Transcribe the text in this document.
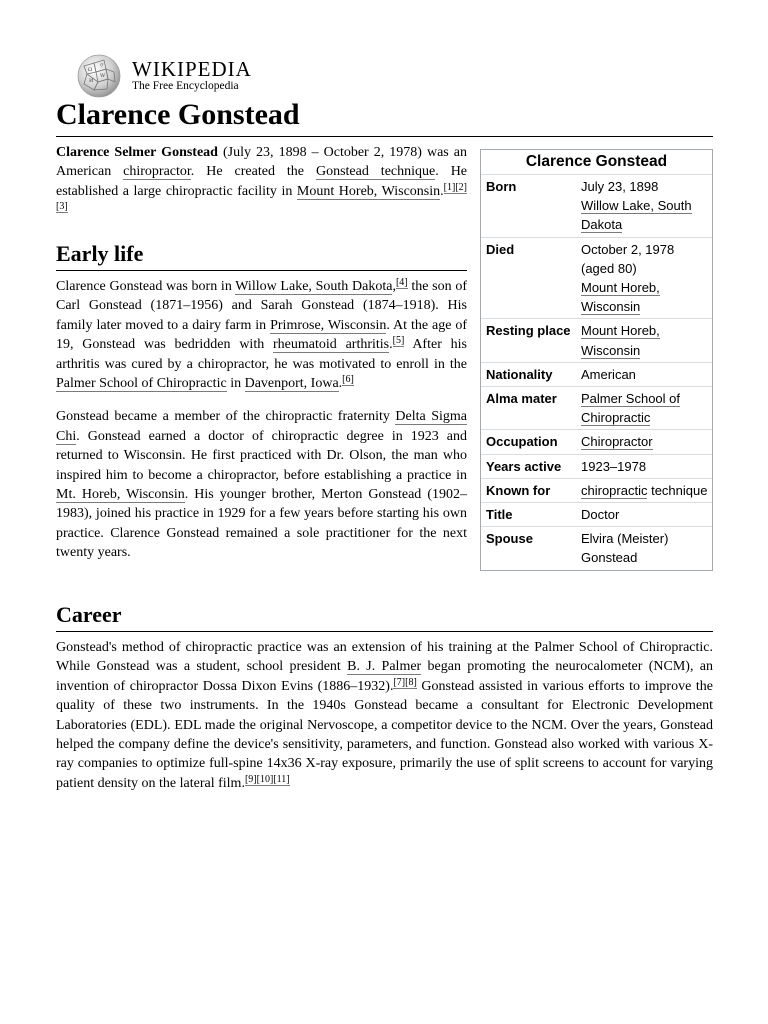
Ω
W
И
ウ WIKIPEDIA
The Free Encyclopedia
Clarence Gonstead

Clarence Selmer Gonstead (July 23, 1898 – October 2, 1978) was an American chiropractor. He created the Gonstead technique. He established a large chiropractic facility in Mount Horeb, Wisconsin.[1][2][3]

Early life

Clarence Gonstead was born in Willow Lake, South Dakota,[4] the son of Carl Gonstead (1871–1956) and Sarah Gonstead (1874–1918). His family later moved to a dairy farm in Primrose, Wisconsin. At the age of 19, Gonstead was bedridden with rheumatoid arthritis.[5] After his arthritis was cured by a chiropractor, he was motivated to enroll in the Palmer School of Chiropractic in Davenport, Iowa.[6]

Gonstead became a member of the chiropractic fraternity Delta Sigma Chi. Gonstead earned a doctor of chiropractic degree in 1923 and returned to Wisconsin. He first practiced with Dr. Olson, the man who inspired him to become a chiropractor, before establishing a practice in Mt. Horeb, Wisconsin. His younger brother, Merton Gonstead (1902–1983), joined his practice in 1929 for a few years before starting his own practice. Clarence Gonstead remained a sole practitioner for the next twenty years.

Career

Gonstead's method of chiropractic practice was an extension of his training at the Palmer School of Chiropractic. While Gonstead was a student, school president B. J. Palmer began promoting the neurocalometer (NCM), an invention of chiropractor Dossa Dixon Evins (1886–1932).[7][8] Gonstead assisted in various efforts to improve the quality of these two instruments. In the 1940s Gonstead became a consultant for Electronic Development Laboratories (EDL). EDL made the original Nervoscope, a competitor device to the NCM. Over the years, Gonstead helped the company define the device's sensitivity, parameters, and function. Gonstead also worked with various X-ray companies to optimize full-spine 14x36 X-ray exposure, primarily the use of split screens to account for varying patient density on the lateral film.[9][10][11]

Clarence Gonstead
Born	July 23, 1898
Willow Lake, South Dakota
Died	October 2, 1978
(aged 80)
Mount Horeb, Wisconsin
Resting place Mount Horeb, Wisconsin
Nationality	American
Alma mater	Palmer School of Chiropractic
Occupation	Chiropractor
Years active	1923–1978
Known for	chiropractic technique
Title	Doctor
Spouse	Elvira (Meister) Gonstead
